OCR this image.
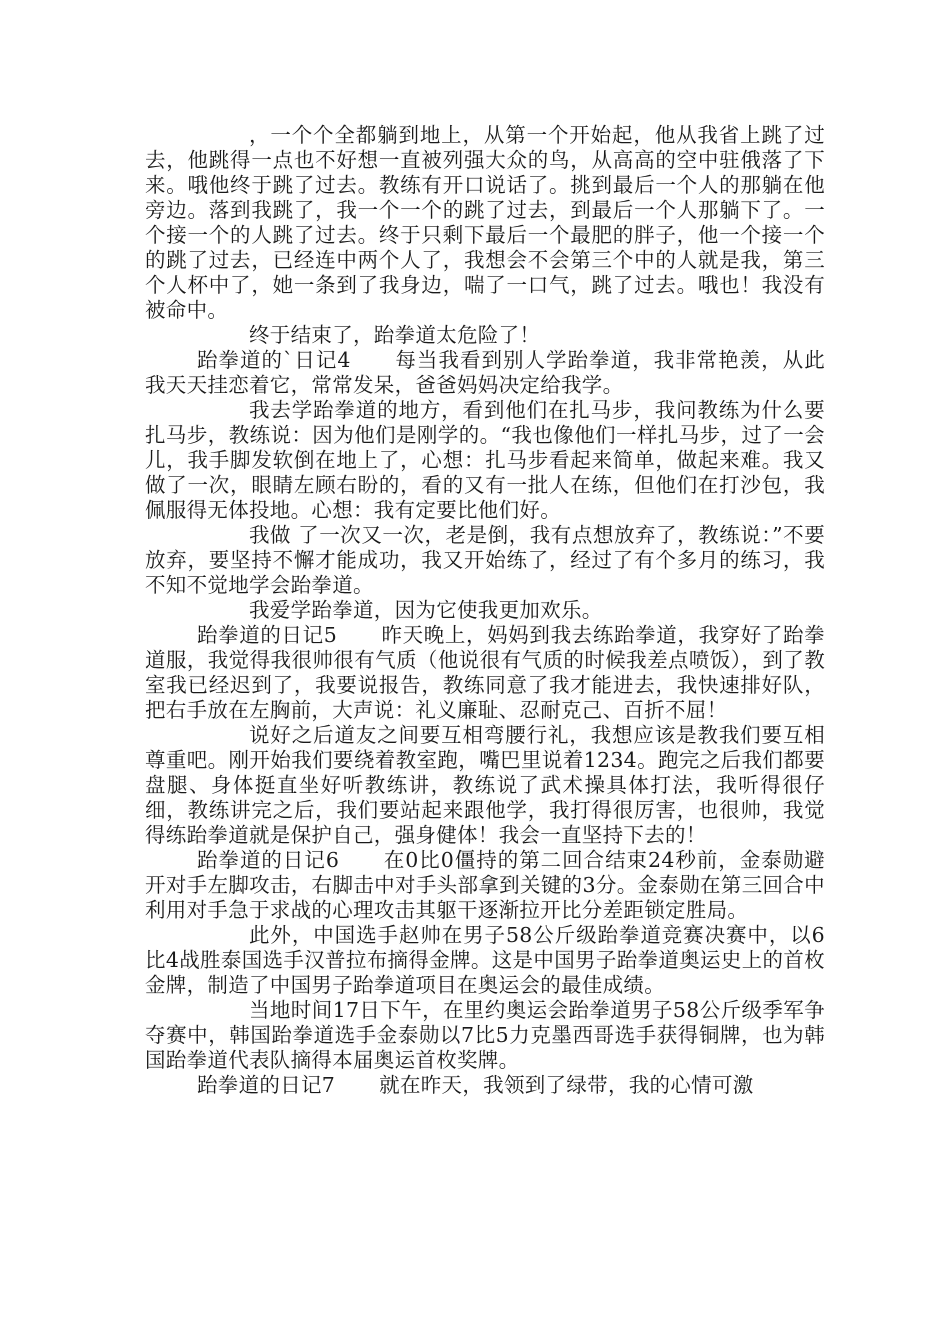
，一个个全都躺到地上，从第一个开始起，他从我省上跳了过去，他跳得一点也不好想一直被列强大众的鸟，从高高的空中驻俄落了下来。哦他终于跳了过去。教练有开口说话了。挑到最后一个人的那躺在他旁边。落到我跳了，我一个一个的跳了过去，到最后一个人那躺下了。一个接一个的人跳了过去。终于只剩下最后一个最肥的胖子，他一个接一个的跳了过去，已经连中两个人了，我想会不会第三个中的人就是我，第三个人杯中了，她一条到了我身边，喘了一口气，跳了过去。哦也！我没有被命中。

终于结束了，跆拳道太危险了！

跆拳道的`日记4 每当我看到别人学跆拳道，我非常艳羡，从此我天天挂恋着它，常常发呆，爸爸妈妈决定给我学。

我去学跆拳道的地方，看到他们在扎马步，我问教练为什么要扎马步，教练说：因为他们是刚学的。“我也像他们一样扎马步，过了一会儿，我手脚发软倒在地上了，心想：扎马步看起来简单，做起来难。我又做了一次，眼睛左顾右盼的，看的又有一批人在练，但他们在打沙包，我佩服得无体投地。心想：我有定要比他们好。

我做 了一次又一次，老是倒，我有点想放弃了，教练说：”不要放弃，要坚持不懈才能成功，我又开始练了，经过了有个多月的练习，我不知不觉地学会跆拳道。

我爱学跆拳道，因为它使我更加欢乐。

跆拳道的日记5 昨天晚上，妈妈到我去练跆拳道，我穿好了跆拳道服，我觉得我很帅很有气质（他说很有气质的时候我差点喷饭），到了教室我已经迟到了，我要说报告，教练同意了我才能进去，我快速排好队，把右手放在左胸前，大声说：礼义廉耻、忍耐克己、百折不屈！

说好之后道友之间要互相弯腰行礼，我想应该是教我们要互相尊重吧。刚开始我们要绕着教室跑，嘴巴里说着1234。跑完之后我们都要盘腿、身体挺直坐好听教练讲，教练说了武术操具体打法，我听得很仔细，教练讲完之后，我们要站起来跟他学，我打得很厉害，也很帅，我觉得练跆拳道就是保护自己，强身健体！我会一直坚持下去的！

跆拳道的日记6 在0比0僵持的第二回合结束24秒前，金泰勋避开对手左脚攻击，右脚击中对手头部拿到关键的3分。金泰勋在第三回合中利用对手急于求战的心理攻击其躯干逐渐拉开比分差距锁定胜局。

此外，中国选手赵帅在男子58公斤级跆拳道竞赛决赛中，以6比4战胜泰国选手汉普拉布摘得金牌。这是中国男子跆拳道奥运史上的首枚金牌，制造了中国男子跆拳道项目在奥运会的最佳成绩。

当地时间17日下午，在里约奥运会跆拳道男子58公斤级季军争夺赛中，韩国跆拳道选手金泰勋以7比5力克墨西哥选手获得铜牌，也为韩国跆拳道代表队摘得本届奥运首枚奖牌。

跆拳道的日记7 就在昨天，我领到了绿带，我的心情可激
